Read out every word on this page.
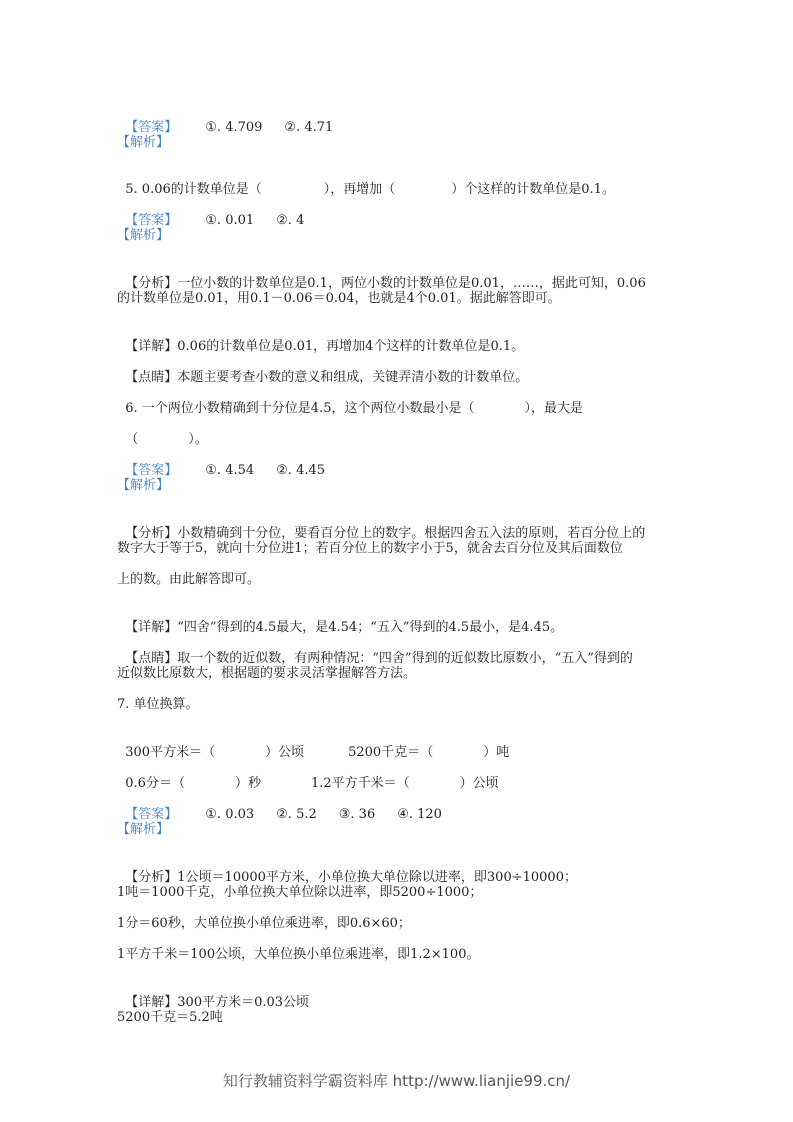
【答案】 ①. 4.709 ②. 4.71

【解析】

5. 0.06的计数单位是（	），再增加（	）个这样的计数单位是0.1。

【答案】 ①. 0.01 ②. 4

【解析】

【分析】一位小数的计数单位是0.1，两位小数的计数单位是0.01，……，据此可知，0.06

的计数单位是0.01，用0.1－0.06＝0.04，也就是4个0.01。据此解答即可。

【详解】0.06的计数单位是0.01，再增加4个这样的计数单位是0.1。

【点睛】本题主要考查小数的意义和组成，关键弄清小数的计数单位。

6. 一个两位小数精确到十分位是4.5，这个两位小数最小是（	），最大是

（	）。

【答案】 ①. 4.54 ②. 4.45

【解析】

【分析】小数精确到十分位，要看百分位上的数字。根据四舍五入法的原则，若百分位上的

数字大于等于5，就向十分位进1；若百分位上的数字小于5，就舍去百分位及其后面数位
上的数。由此解答即可。

【详解】“四舍”得到的4.5最大，是4.54；“五入”得到的4.5最小，是4.45。

【点睛】取一个数的近似数，有两种情况：“四舍”得到的近似数比原数小，“五入”得到的

近似数比原数大，根据题的要求灵活掌握解答方法。
7. 单位换算。

300平方米＝（	）公顷	5200千克＝（	）吨

0.6分＝（	）秒	1.2平方千米＝（	）公顷

【答案】 ①. 0.03 ②. 5.2 ③. 36 ④. 120

【解析】

【分析】1公顷＝10000平方米，小单位换大单位除以进率，即300÷10000；

1吨＝1000千克，小单位换大单位除以进率，即5200÷1000；
1分＝60秒，大单位换小单位乘进率，即0.6×60；
1平方千米＝100公顷，大单位换小单位乘进率，即1.2×100。

【详解】300平方米＝0.03公顷

5200千克＝5.2吨
知行教辅资料学霸资料库 http://www.lianjie99.cn/
